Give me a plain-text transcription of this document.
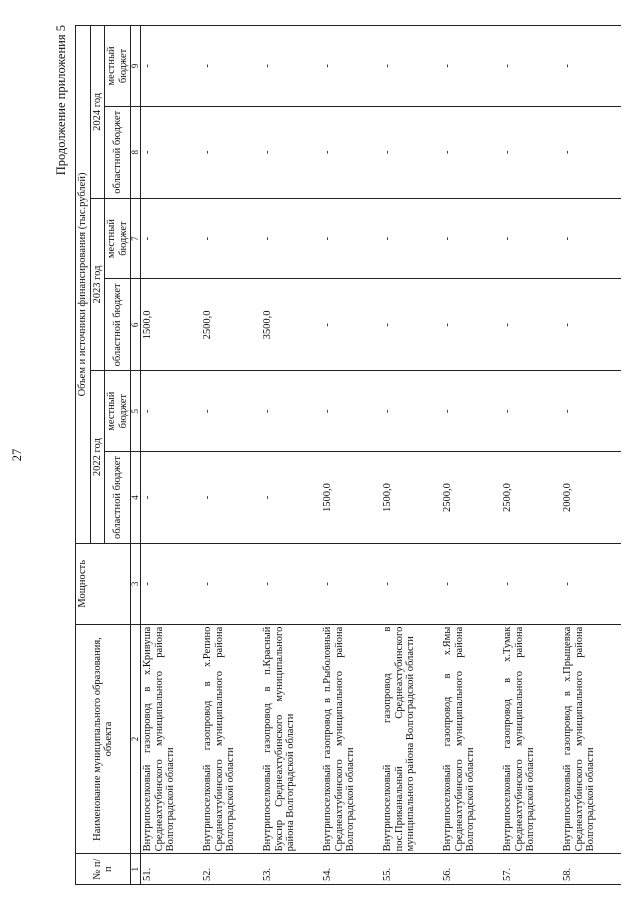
27
Продолжение приложения 5
№ п/п	Наименование муниципального образования, объекта	Мощность	Объем и источники финансирования (тыс.рублей)					
			2022 год		2023 год		2024 год	
			областной бюджет	местный бюджет	областной бюджет	местный бюджет	областной бюджет	местный бюджет
1	2	3	4	5	6	7	8	9
51.	Внутрипоселковый газопровод в х.Кривуша Среднеахтубинского муниципального района Волгоградской области	-	-	-	1500,0	-	-	-
52.	Внутрипоселковый газопровод в х.Репино Среднеахтубинского муниципального района Волгоградской области	-	-	-	2500,0	-	-	-
53.	Внутрипоселковый газопровод в п.Красный Буксир Среднеахтубинского муниципального района Волгоградской области	-	-	-	3500,0	-	-	-
54.	Внутрипоселковый газопровод в п.Рыболовный Среднеахтубинского муниципального района Волгоградской области	-	1500,0	-	-	-	-	-
55.	Внутрипоселковый газопровод в пос.Приканальный Среднеахтубинского муниципального района Волгоградской области	-	1500,0	-	-	-	-	-
56.	Внутрипоселковый газопровод в х.Ямы Среднеахтубинского муниципального района Волгоградской области	-	2500,0	-	-	-	-	-
57.	Внутрипоселковый газопровод в х.Тумак Среднеахтубинского муниципального района Волгоградской области	-	2500,0	-	-	-	-	-
58.	Внутрипоселковый газопровод в х.Прыщевка Среднеахтубинского муниципального района Волгоградской области	-	2000,0	-	-	-	-	-
